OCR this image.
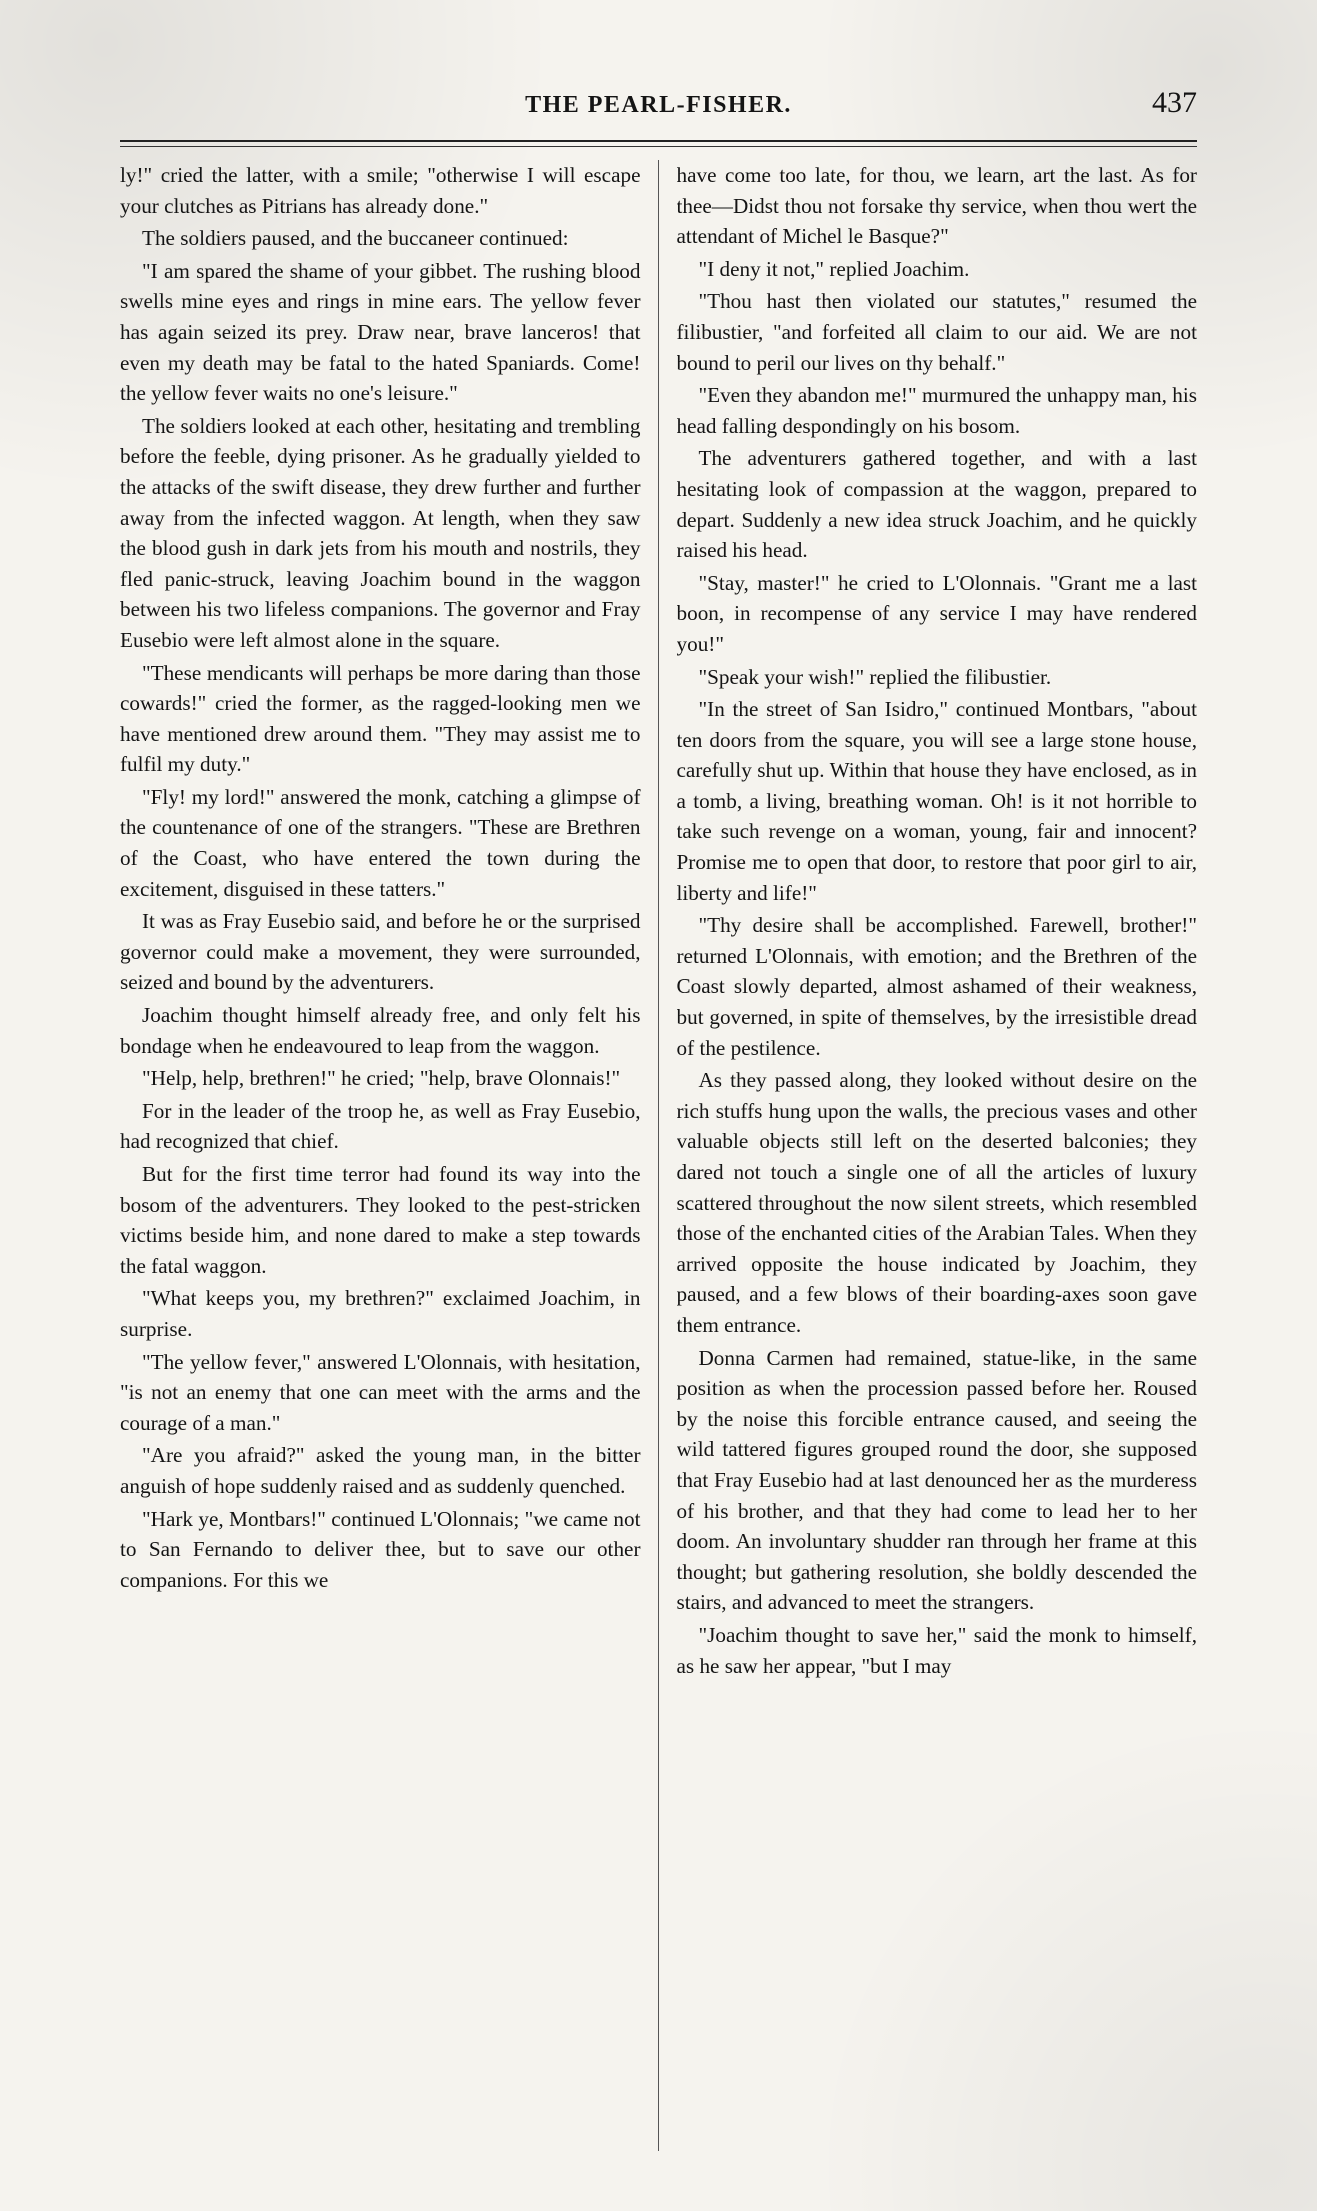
THE PEARL-FISHER.	437

ly!" cried the latter, with a smile; "otherwise I will escape your clutches as Pitrians has already done."

The soldiers paused, and the buccaneer continued:

"I am spared the shame of your gibbet. The rushing blood swells mine eyes and rings in mine ears. The yellow fever has again seized its prey. Draw near, brave lanceros! that even my death may be fatal to the hated Spaniards. Come! the yellow fever waits no one's leisure."

The soldiers looked at each other, hesitating and trembling before the feeble, dying prisoner. As he gradually yielded to the attacks of the swift disease, they drew further and further away from the infected waggon. At length, when they saw the blood gush in dark jets from his mouth and nostrils, they fled panic-struck, leaving Joachim bound in the waggon between his two lifeless companions. The governor and Fray Eusebio were left almost alone in the square.

"These mendicants will perhaps be more daring than those cowards!" cried the former, as the ragged-looking men we have mentioned drew around them. "They may assist me to fulfil my duty."

"Fly! my lord!" answered the monk, catching a glimpse of the countenance of one of the strangers. "These are Brethren of the Coast, who have entered the town during the excitement, disguised in these tatters."

It was as Fray Eusebio said, and before he or the surprised governor could make a movement, they were surrounded, seized and bound by the adventurers.

Joachim thought himself already free, and only felt his bondage when he endeavoured to leap from the waggon.

"Help, help, brethren!" he cried; "help, brave Olonnais!"

For in the leader of the troop he, as well as Fray Eusebio, had recognized that chief.

But for the first time terror had found its way into the bosom of the adventurers. They looked to the pest-stricken victims beside him, and none dared to make a step towards the fatal waggon.

"What keeps you, my brethren?" exclaimed Joachim, in surprise.

"The yellow fever," answered L'Olonnais, with hesitation, "is not an enemy that one can meet with the arms and the courage of a man."

"Are you afraid?" asked the young man, in the bitter anguish of hope suddenly raised and as suddenly quenched.

"Hark ye, Montbars!" continued L'Olonnais; "we came not to San Fernando to deliver thee, but to save our other companions. For this we

have come too late, for thou, we learn, art the last. As for thee—Didst thou not forsake thy service, when thou wert the attendant of Michel le Basque?"

"I deny it not," replied Joachim.

"Thou hast then violated our statutes," resumed the filibustier, "and forfeited all claim to our aid. We are not bound to peril our lives on thy behalf."

"Even they abandon me!" murmured the unhappy man, his head falling despondingly on his bosom.

The adventurers gathered together, and with a last hesitating look of compassion at the waggon, prepared to depart. Suddenly a new idea struck Joachim, and he quickly raised his head.

"Stay, master!" he cried to L'Olonnais. "Grant me a last boon, in recompense of any service I may have rendered you!"

"Speak your wish!" replied the filibustier.

"In the street of San Isidro," continued Montbars, "about ten doors from the square, you will see a large stone house, carefully shut up. Within that house they have enclosed, as in a tomb, a living, breathing woman. Oh! is it not horrible to take such revenge on a woman, young, fair and innocent? Promise me to open that door, to restore that poor girl to air, liberty and life!"

"Thy desire shall be accomplished. Farewell, brother!" returned L'Olonnais, with emotion; and the Brethren of the Coast slowly departed, almost ashamed of their weakness, but governed, in spite of themselves, by the irresistible dread of the pestilence.

As they passed along, they looked without desire on the rich stuffs hung upon the walls, the precious vases and other valuable objects still left on the deserted balconies; they dared not touch a single one of all the articles of luxury scattered throughout the now silent streets, which resembled those of the enchanted cities of the Arabian Tales. When they arrived opposite the house indicated by Joachim, they paused, and a few blows of their boarding-axes soon gave them entrance.

Donna Carmen had remained, statue-like, in the same position as when the procession passed before her. Roused by the noise this forcible entrance caused, and seeing the wild tattered figures grouped round the door, she supposed that Fray Eusebio had at last denounced her as the murderess of his brother, and that they had come to lead her to her doom. An involuntary shudder ran through her frame at this thought; but gathering resolution, she boldly descended the stairs, and advanced to meet the strangers.

"Joachim thought to save her," said the monk to himself, as he saw her appear, "but I may
